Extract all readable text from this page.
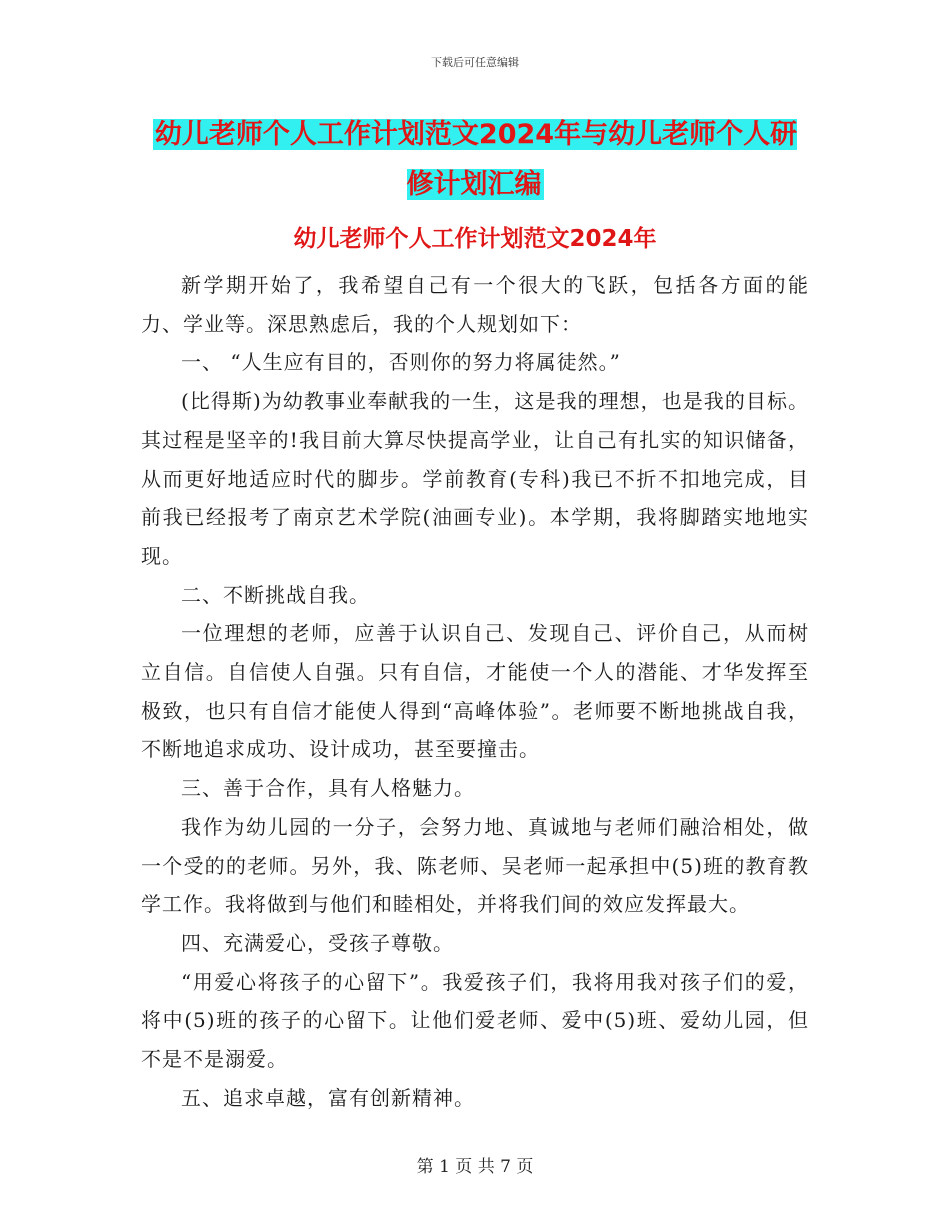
下载后可任意编辑
幼儿老师个人工作计划范文2024年与幼儿老师个人研修计划汇编
幼儿老师个人工作计划范文2024年

新学期开始了，我希望自己有一个很大的飞跃，包括各方面的能力、学业等。深思熟虑后，我的个人规划如下：

一、 “人生应有目的，否则你的努力将属徒然。”

(比得斯)为幼教事业奉献我的一生，这是我的理想，也是我的目标。其过程是坚辛的!我目前大算尽快提高学业，让自己有扎实的知识储备，从而更好地适应时代的脚步。学前教育(专科)我已不折不扣地完成，目前我已经报考了南京艺术学院(油画专业)。本学期，我将脚踏实地地实现。

二、不断挑战自我。

一位理想的老师，应善于认识自己、发现自己、评价自己，从而树立自信。自信使人自强。只有自信，才能使一个人的潜能、才华发挥至极致，也只有自信才能使人得到“高峰体验”。老师要不断地挑战自我，不断地追求成功、设计成功，甚至要撞击。

三、善于合作，具有人格魅力。

我作为幼儿园的一分子，会努力地、真诚地与老师们融洽相处，做一个受的的老师。另外，我、陈老师、吴老师一起承担中(5)班的教育教学工作。我将做到与他们和睦相处，并将我们间的效应发挥最大。

四、充满爱心，受孩子尊敬。

“用爱心将孩子的心留下”。我爱孩子们，我将用我对孩子们的爱，将中(5)班的孩子的心留下。让他们爱老师、爱中(5)班、爱幼儿园，但不是不是溺爱。

五、追求卓越，富有创新精神。

第 1 页 共 7 页
